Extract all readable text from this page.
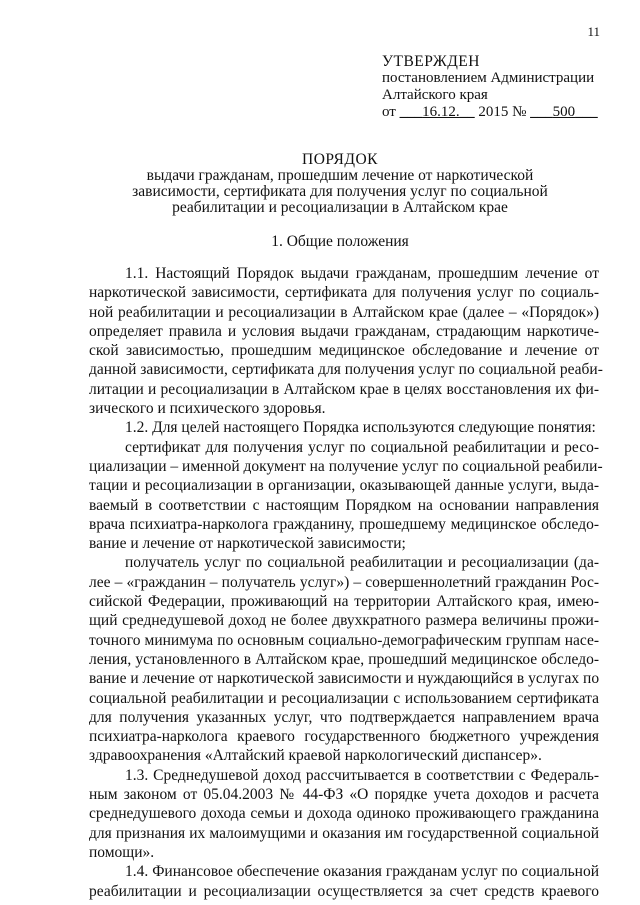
11
УТВЕРЖДЕН
постановлением Администрации
Алтайского края
от ___16.12.__ 2015 № ___500___
ПОРЯДОК
выдачи гражданам, прошедшим лечение от наркотической
зависимости, сертификата для получения услуг по социальной
реабилитации и ресоциализации в Алтайском крае
1. Общие положения
1.1. Настоящий Порядок выдачи гражданам, прошедшим лечение от
наркотической зависимости, сертификата для получения услуг по социаль-
ной реабилитации и ресоциализации в Алтайском крае (далее – «Порядок»)
определяет правила и условия выдачи гражданам, страдающим наркотиче-
ской зависимостью, прошедшим медицинское обследование и лечение от
данной зависимости, сертификата для получения услуг по социальной реаби-
литации и ресоциализации в Алтайском крае в целях восстановления их фи-
зического и психического здоровья.
1.2. Для целей настоящего Порядка используются следующие понятия:
сертификат для получения услуг по социальной реабилитации и ресо-
циализации – именной документ на получение услуг по социальной реабили-
тации и ресоциализации в организации, оказывающей данные услуги, выда-
ваемый в соответствии с настоящим Порядком на основании направления
врача психиатра-нарколога гражданину, прошедшему медицинское обследо-
вание и лечение от наркотической зависимости;
получатель услуг по социальной реабилитации и ресоциализации (да-
лее – «гражданин – получатель услуг») – совершеннолетний гражданин Рос-
сийской Федерации, проживающий на территории Алтайского края, имею-
щий среднедушевой доход не более двухкратного размера величины прожи-
точного минимума по основным социально-демографическим группам насе-
ления, установленного в Алтайском крае, прошедший медицинское обследо-
вание и лечение от наркотической зависимости и нуждающийся в услугах по
социальной реабилитации и ресоциализации с использованием сертификата
для получения указанных услуг, что подтверждается направлением врача
психиатра-нарколога краевого государственного бюджетного учреждения
здравоохранения «Алтайский краевой наркологический диспансер».
1.3. Среднедушевой доход рассчитывается в соответствии с Федераль-
ным законом от 05.04.2003 № 44-ФЗ «О порядке учета доходов и расчета
среднедушевого дохода семьи и дохода одиноко проживающего гражданина
для признания их малоимущими и оказания им государственной социальной
помощи».
1.4. Финансовое обеспечение оказания гражданам услуг по социальной
реабилитации и ресоциализации осуществляется за счет средств краевого
